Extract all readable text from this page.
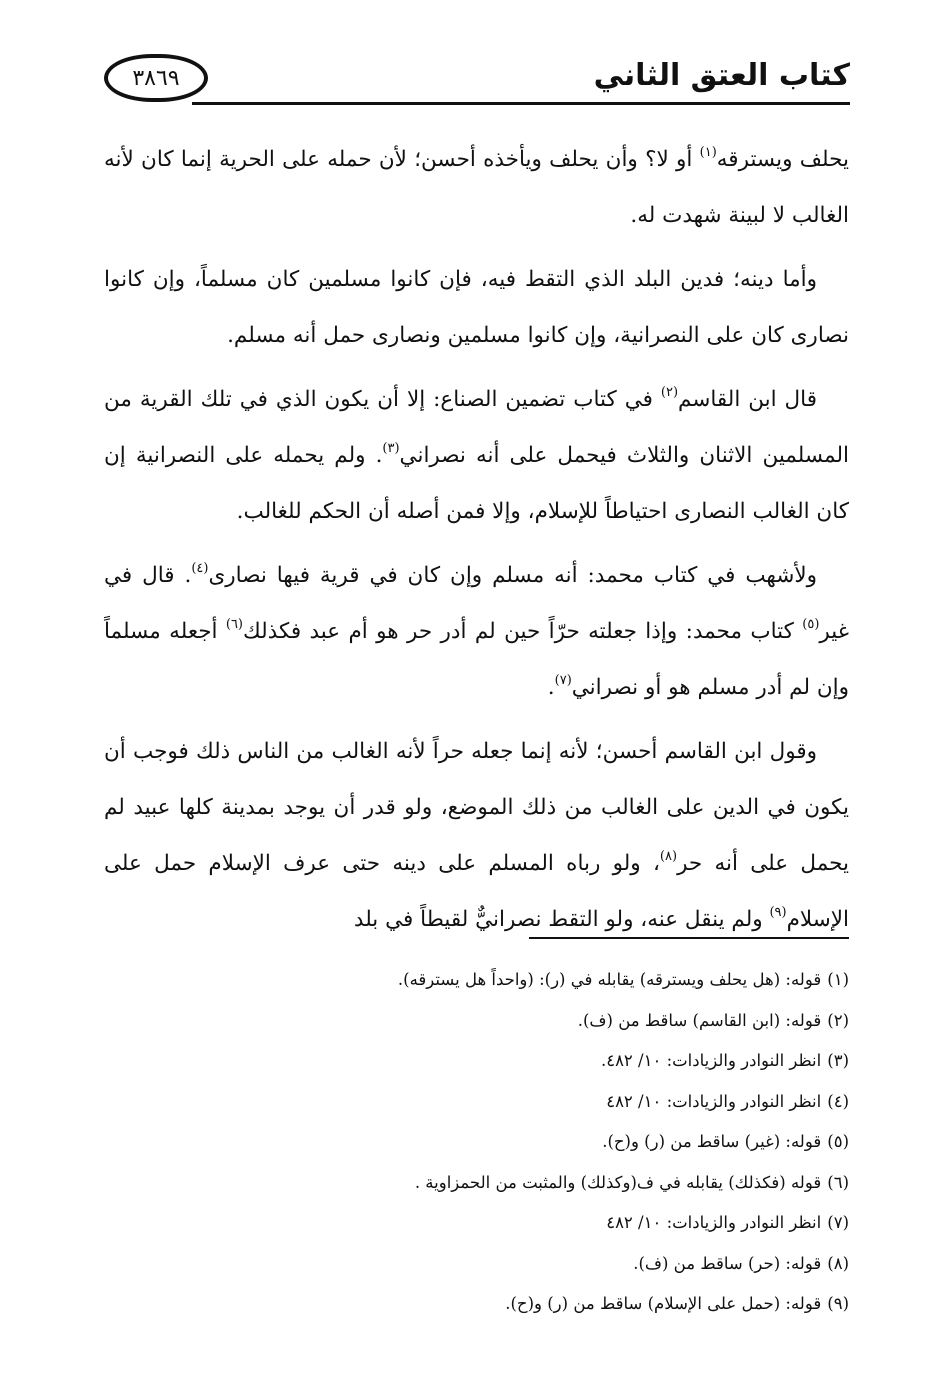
٣٨٦٩	كتاب العتق الثاني

يحلف ويسترقه$^{(١)}$ أو لا؟ وأن يحلف ويأخذه أحسن؛ لأن حمله على الحرية إنما كان لأنه الغالب لا لبينة شهدت له.

وأما دينه؛ فدين البلد الذي التقط فيه، فإن كانوا مسلمين كان مسلماً، وإن كانوا نصارى كان على النصرانية، وإن كانوا مسلمين ونصارى حمل أنه مسلم.

قال ابن القاسم$^{(٢)}$ في كتاب تضمين الصناع: إلا أن يكون الذي في تلك القرية من المسلمين الاثنان والثلاث فيحمل على أنه نصراني$^{(٣)}$. ولم يحمله على النصرانية إن كان الغالب النصارى احتياطاً للإسلام، وإلا فمن أصله أن الحكم للغالب.

ولأشهب في كتاب محمد: أنه مسلم وإن كان في قرية فيها نصارى$^{(٤)}$. قال في غير$^{(٥)}$ كتاب محمد: وإذا جعلته حرّاً حين لم أدر حر هو أم عبد فكذلك$^{(٦)}$ أجعله مسلماً وإن لم أدر مسلم هو أو نصراني$^{(٧)}$.

وقول ابن القاسم أحسن؛ لأنه إنما جعله حراً لأنه الغالب من الناس ذلك فوجب أن يكون في الدين على الغالب من ذلك الموضع، ولو قدر أن يوجد بمدينة كلها عبيد لم يحمل على أنه حر$^{(٨)}$، ولو رباه المسلم على دينه حتى عرف الإسلام حمل على الإسلام$^{(٩)}$ ولم ينقل عنه، ولو التقط نصرانيٌّ لقيطاً في بلد

(١)قوله: (هل يحلف ويسترقه) يقابله في (ر): (واحداً هل يسترقه).
(٢)قوله: (ابن القاسم) ساقط من (ف).
(٣)انظر النوادر والزيادات: ١٠/ ٤٨٢.
(٤)انظر النوادر والزيادات: ١٠/ ٤٨٢
(٥)قوله: (غير) ساقط من (ر) و(ح).
(٦)قوله (فكذلك) يقابله في ف(وكذلك) والمثبت من الحمزاوية .
(٧)انظر النوادر والزيادات: ١٠/ ٤٨٢
(٨)قوله: (حر) ساقط من (ف).
(٩)قوله: (حمل على الإسلام) ساقط من (ر) و(ح).
